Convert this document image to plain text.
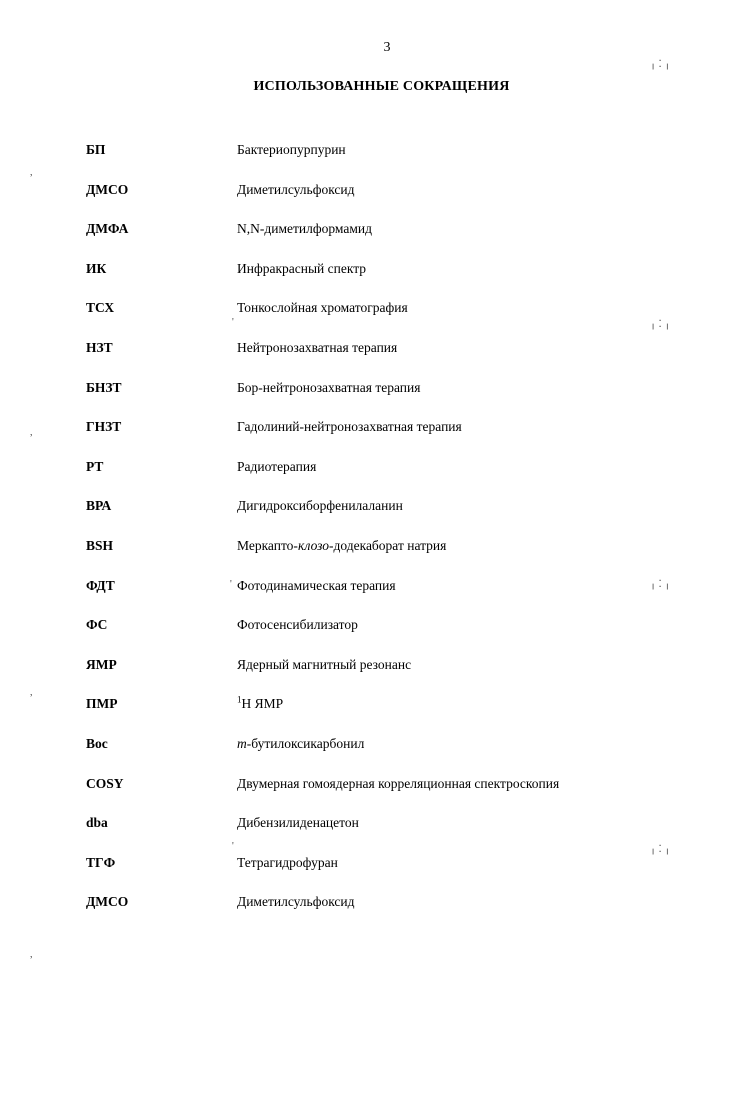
3
ИСПОЛЬЗОВАННЫЕ СОКРАЩЕНИЯ
БП	Бактериопурпурин
ДМСО	Диметилсульфоксид
ДМФА	N,N-диметилформамид
ИК	Инфракрасный спектр
ТСХ	Тонкослойная хроматография
НЗТ	Нейтронозахватная терапия
БНЗТ	Бор-нейтронозахватная терапия
ГНЗТ	Гадолиний-нейтронозахватная терапия
РТ	Радиотерапия
ВРА	Дигидроксиборфенилаланин
BSH	Меркапто-клозо-додекаборат натрия
ФДТ	Фотодинамическая терапия
ФС	Фотосенсибилизатор
ЯМР	Ядерный магнитный резонанс
ПМР	$^1$Н ЯМР
Boc	т-бутилоксикарбонил
COSY	Двумерная гомоядерная корреляционная спектроскопия
dba	Дибензилиденацетон
ТГФ	Тетрагидрофуран
ДМСО	Диметилсульфоксид
╷ ⁚ ╷
╷ ⁚ ╷
╷ ⁚ ╷
╷ ⁚ ╷
,
,
,
,
'
'
'
